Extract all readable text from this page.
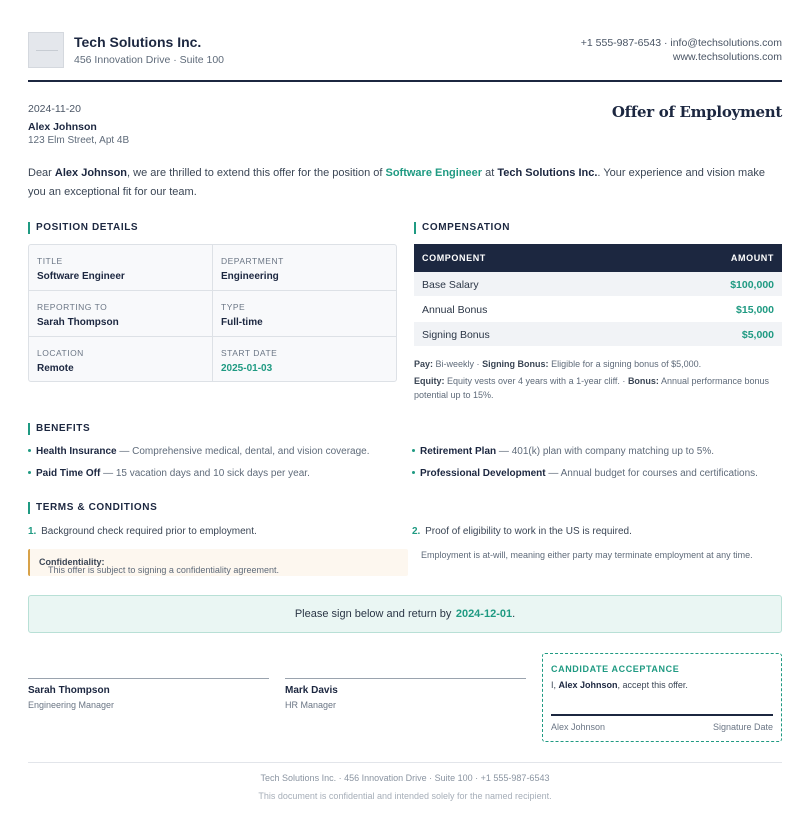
Tech Solutions Inc.
456 Innovation Drive · Suite 100
+1 555-987-6543 · info@techsolutions.com
www.techsolutions.com
2024-11-20
Alex Johnson
123 Elm Street, Apt 4B
Offer of Employment

Dear Alex Johnson, we are thrilled to extend this offer for the position of Software Engineer at Tech Solutions Inc.. Your experience and vision make you an exceptional fit for our team.

POSITION DETAILS
TITLE
Software Engineer
DEPARTMENT
Engineering
REPORTING TO
Sarah Thompson
TYPE
Full-time
LOCATION
Remote
START DATE
2025-01-03
COMPENSATION
COMPONENT	AMOUNT
Base Salary	$100,000
Annual Bonus	$15,000
Signing Bonus	$5,000
Pay: Bi-weekly · Signing Bonus: Eligible for a signing bonus of $5,000.
Equity: Equity vests over 4 years with a 1-year cliff. · Bonus: Annual performance bonus potential up to 15%.
BENEFITS
Health Insurance — Comprehensive medical, dental, and vision coverage.	Retirement Plan — 401(k) plan with company matching up to 5%.
Paid Time Off — 15 vacation days and 10 sick days per year.	Professional Development — Annual budget for courses and certifications.
TERMS & CONDITIONS
1. Background check required prior to employment.	2. Proof of eligibility to work in the US is required.
Confidentiality:
This offer is subject to signing a confidentiality agreement.
Employment is at-will, meaning either party may terminate employment at any time.
Please sign below and return by 2024-12-01.
Sarah Thompson
Engineering Manager
Mark Davis
HR Manager
CANDIDATE ACCEPTANCE
I, Alex Johnson, accept this offer.
Alex Johnson	Signature Date
Tech Solutions Inc. · 456 Innovation Drive · Suite 100 · +1 555-987-6543
This document is confidential and intended solely for the named recipient.
